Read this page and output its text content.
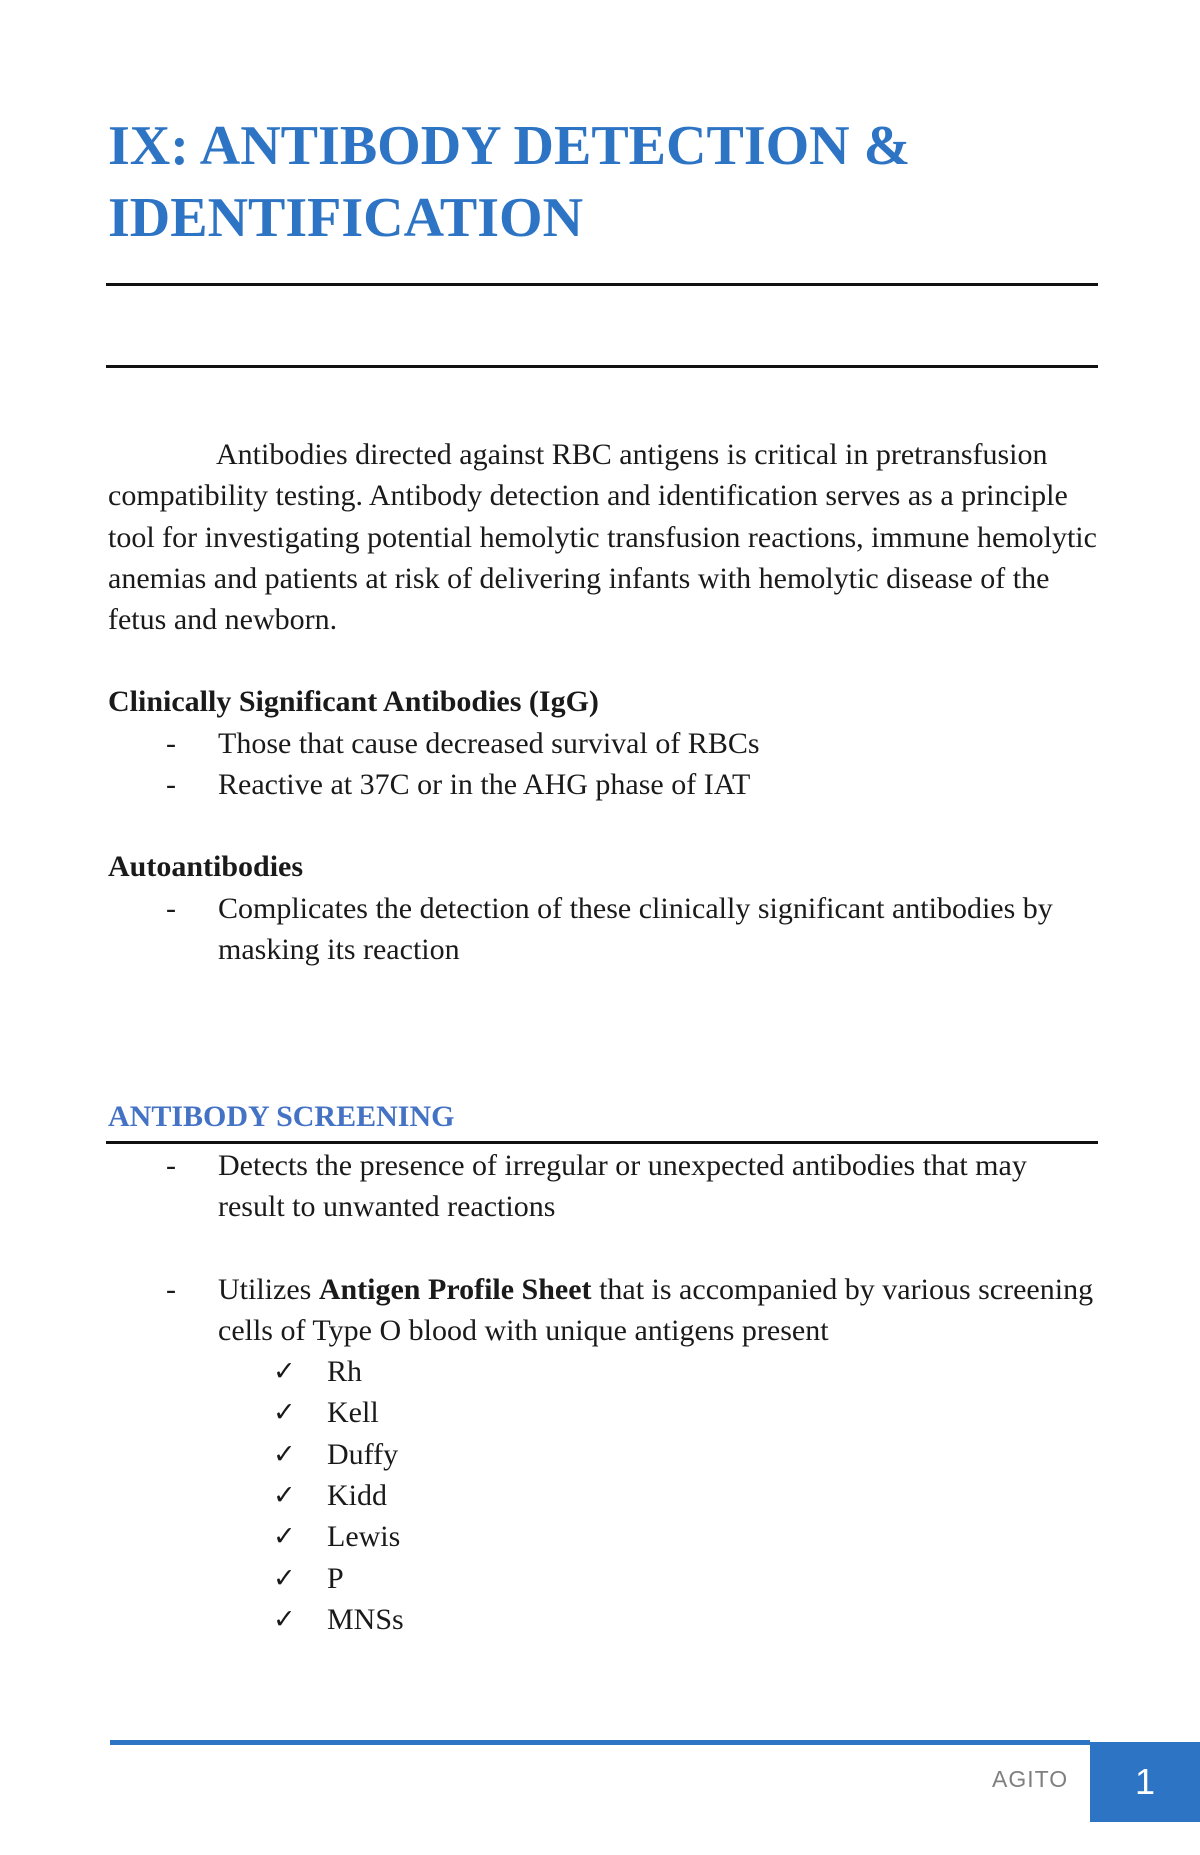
IX: ANTIBODY DETECTION & IDENTIFICATION
Antibodies directed against RBC antigens is critical in pretransfusion compatibility testing. Antibody detection and identification serves as a principle tool for investigating potential hemolytic transfusion reactions, immune hemolytic anemias and patients at risk of delivering infants with hemolytic disease of the fetus and newborn.
Clinically Significant Antibodies (IgG)
- Those that cause decreased survival of RBCs
- Reactive at 37C or in the AHG phase of IAT
Autoantibodies
- Complicates the detection of these clinically significant antibodies by masking its reaction
ANTIBODY SCREENING
- Detects the presence of irregular or unexpected antibodies that may result to unwanted reactions
- Utilizes Antigen Profile Sheet that is accompanied by various screening cells of Type O blood with unique antigens present
✓ Rh
✓ Kell
✓ Duffy
✓ Kidd
✓ Lewis
✓ P
✓ MNSs
AGITO 1
